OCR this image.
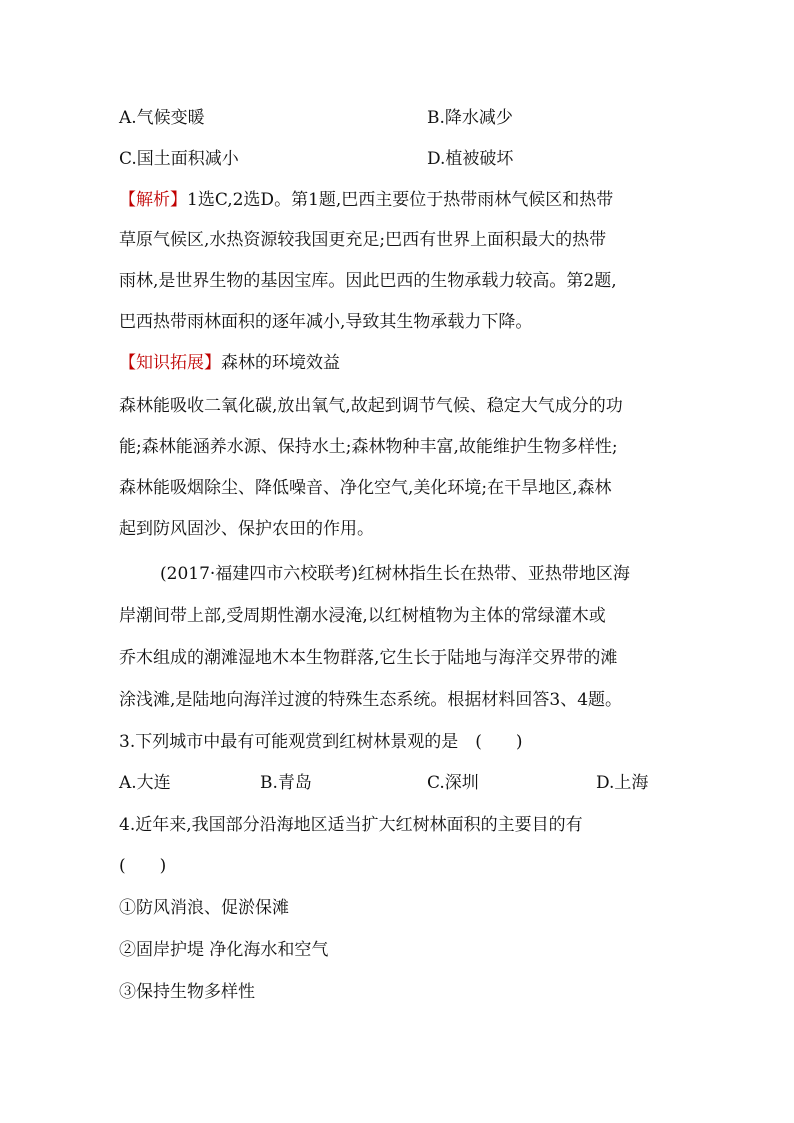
A.气候变暖	B.降水减少
C.国土面积减小	D.植被破坏
【解析】1选C,2选D。第1题,巴西主要位于热带雨林气候区和热带
草原气候区,水热资源较我国更充足;巴西有世界上面积最大的热带
雨林,是世界生物的基因宝库。因此巴西的生物承载力较高。第2题,
巴西热带雨林面积的逐年减小,导致其生物承载力下降。
【知识拓展】森林的环境效益
森林能吸收二氧化碳,放出氧气,故起到调节气候、稳定大气成分的功
能;森林能涵养水源、保持水土;森林物种丰富,故能维护生物多样性;
森林能吸烟除尘、降低噪音、净化空气,美化环境;在干旱地区,森林
起到防风固沙、保护农田的作用。
(2017·福建四市六校联考)红树林指生长在热带、亚热带地区海
岸潮间带上部,受周期性潮水浸淹,以红树植物为主体的常绿灌木或
乔木组成的潮滩湿地木本生物群落,它生长于陆地与海洋交界带的滩
涂浅滩,是陆地向海洋过渡的特殊生态系统。根据材料回答3、4题。
3.下列城市中最有可能观赏到红树林景观的是　(　　)
A.大连	B.青岛	C.深圳	D.上海
4.近年来,我国部分沿海地区适当扩大红树林面积的主要目的有
(　　)
①防风消浪、促淤保滩
②固岸护堤 净化海水和空气
③保持生物多样性
